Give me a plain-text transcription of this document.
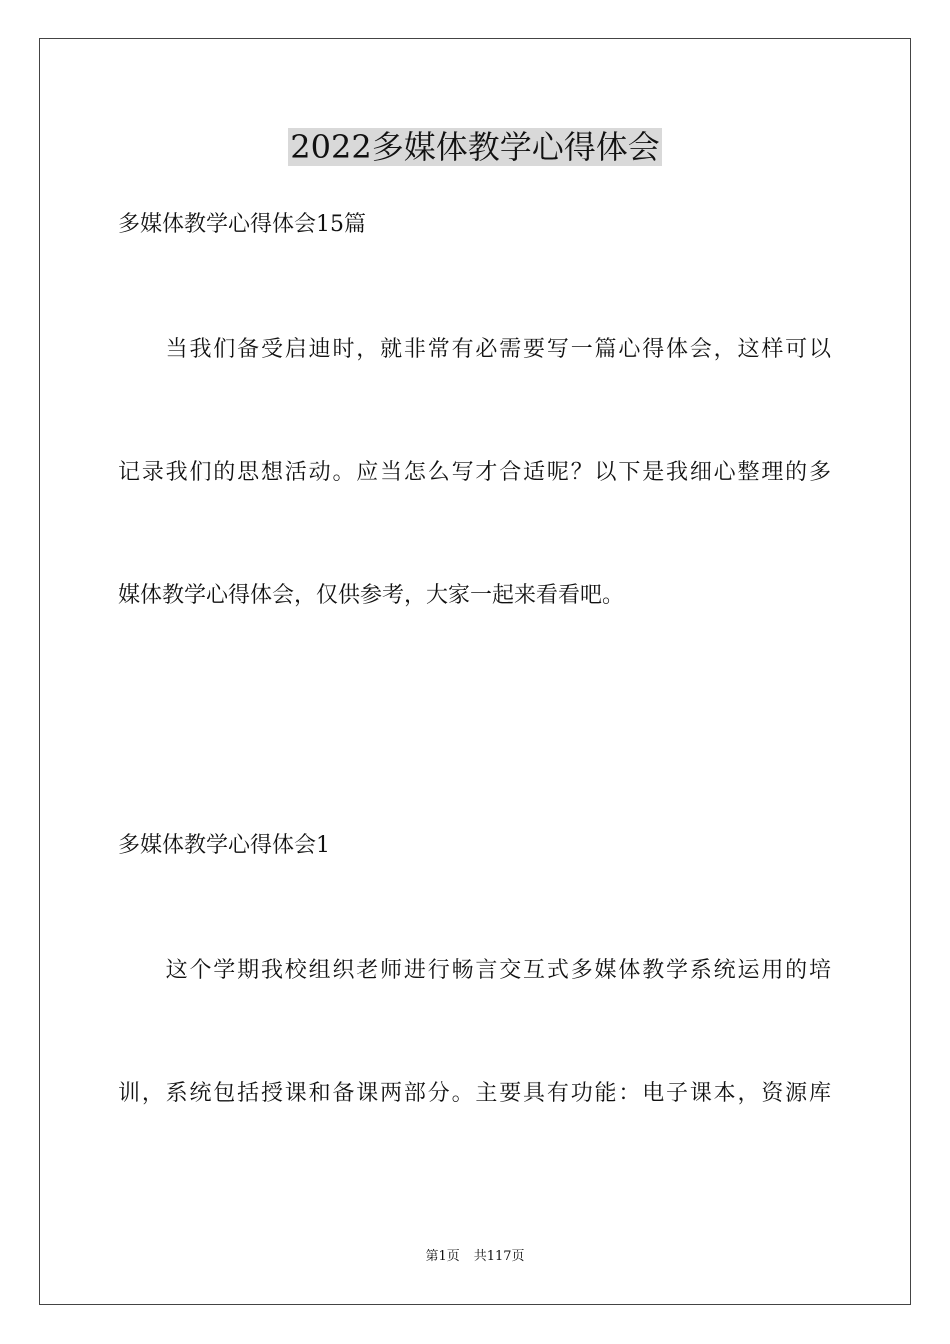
2022多媒体教学心得体会
多媒体教学心得体会15篇
　　当我们备受启迪时，就非常有必需要写一篇心得体会，这样可以
记录我们的思想活动。应当怎么写才合适呢？以下是我细心整理的多
媒体教学心得体会，仅供参考，大家一起来看看吧。
多媒体教学心得体会1
　　这个学期我校组织老师进行畅言交互式多媒体教学系统运用的培
训，系统包括授课和备课两部分。主要具有功能：电子课本，资源库
第1页 共117页
